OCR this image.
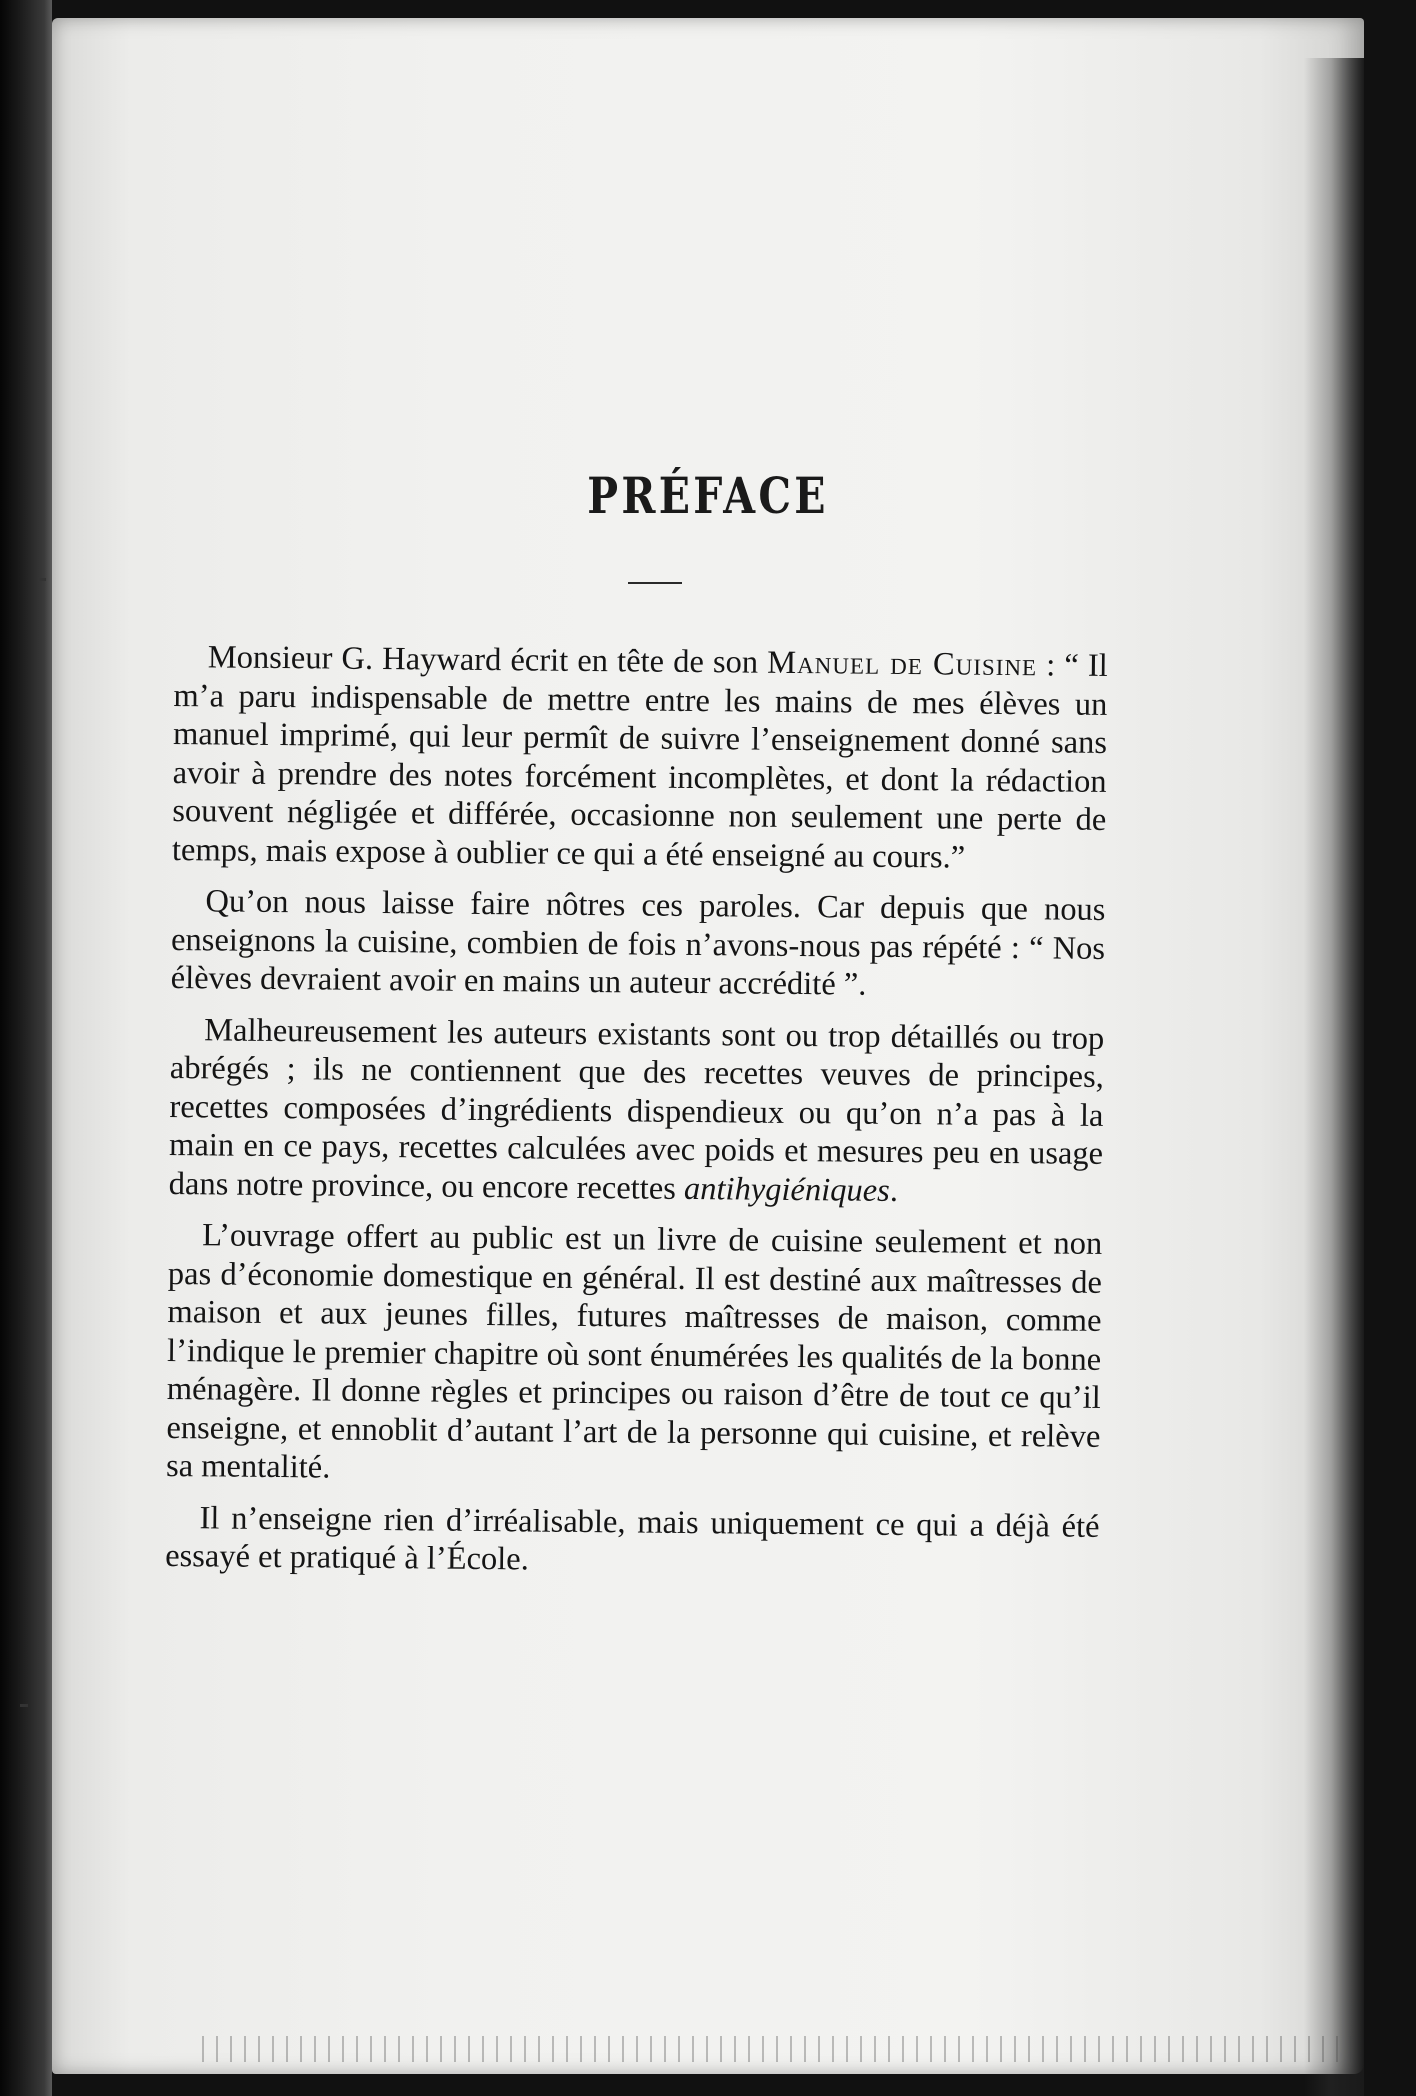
PRÉFACE

Monsieur G. Hayward écrit en tête de son Manuel de Cuisine : “ Il m’a paru indispensable de mettre entre les mains de mes élèves un manuel imprimé, qui leur permît de suivre l’enseignement donné sans avoir à prendre des notes forcément incomplètes, et dont la rédaction souvent négligée et différée, occasionne non seulement une perte de temps, mais expose à oublier ce qui a été enseigné au cours.”

Qu’on nous laisse faire nôtres ces paroles. Car depuis que nous enseignons la cuisine, combien de fois n’avons-nous pas répété : “ Nos élèves devraient avoir en mains un auteur accrédité ”.

Malheureusement les auteurs existants sont ou trop détaillés ou trop abrégés ; ils ne contiennent que des recettes veuves de principes, recettes composées d’ingrédients dispendieux ou qu’on n’a pas à la main en ce pays, recettes calculées avec poids et mesures peu en usage dans notre province, ou encore recettes antihygiéniques.

L’ouvrage offert au public est un livre de cuisine seulement et non pas d’économie domestique en général. Il est destiné aux maîtresses de maison et aux jeunes filles, futures maîtresses de maison, comme l’indique le premier chapitre où sont énumérées les qualités de la bonne ménagère. Il donne règles et principes ou raison d’être de tout ce qu’il enseigne, et ennoblit d’autant l’art de la personne qui cuisine, et relève sa mentalité.

Il n’enseigne rien d’irréalisable, mais uniquement ce qui a déjà été essayé et pratiqué à l’École.
